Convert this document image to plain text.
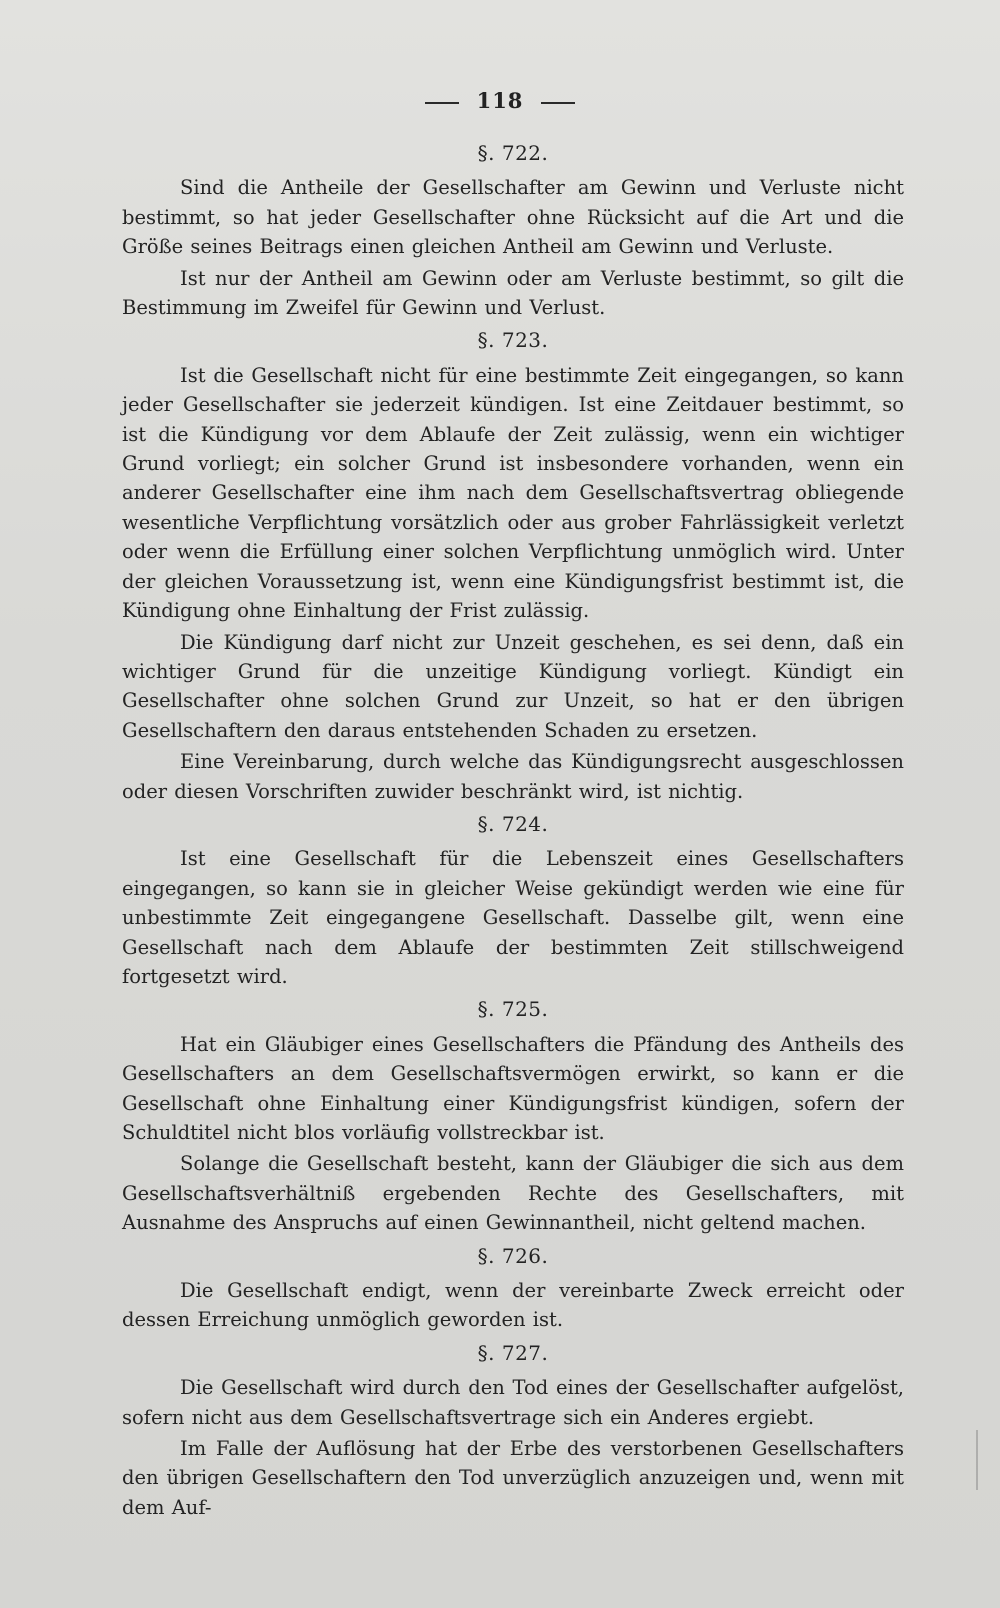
118
§. 722.

Sind die Antheile der Gesellschafter am Gewinn und Verluste nicht bestimmt, so hat jeder Gesellschafter ohne Rücksicht auf die Art und die Größe seines Beitrags einen gleichen Antheil am Gewinn und Verluste.

Ist nur der Antheil am Gewinn oder am Verluste bestimmt, so gilt die Bestimmung im Zweifel für Gewinn und Verlust.

§. 723.

Ist die Gesellschaft nicht für eine bestimmte Zeit eingegangen, so kann jeder Gesellschafter sie jederzeit kündigen. Ist eine Zeitdauer bestimmt, so ist die Kündigung vor dem Ablaufe der Zeit zulässig, wenn ein wichtiger Grund vorliegt; ein solcher Grund ist insbesondere vorhanden, wenn ein anderer Gesellschafter eine ihm nach dem Gesellschaftsvertrag obliegende wesentliche Verpflichtung vorsätzlich oder aus grober Fahrlässigkeit verletzt oder wenn die Erfüllung einer solchen Verpflichtung unmöglich wird. Unter der gleichen Voraussetzung ist, wenn eine Kündigungsfrist bestimmt ist, die Kündigung ohne Einhaltung der Frist zulässig.

Die Kündigung darf nicht zur Unzeit geschehen, es sei denn, daß ein wichtiger Grund für die unzeitige Kündigung vorliegt. Kündigt ein Gesellschafter ohne solchen Grund zur Unzeit, so hat er den übrigen Gesellschaftern den daraus entstehenden Schaden zu ersetzen.

Eine Vereinbarung, durch welche das Kündigungsrecht ausgeschlossen oder diesen Vorschriften zuwider beschränkt wird, ist nichtig.

§. 724.

Ist eine Gesellschaft für die Lebenszeit eines Gesellschafters eingegangen, so kann sie in gleicher Weise gekündigt werden wie eine für unbestimmte Zeit eingegangene Gesellschaft. Dasselbe gilt, wenn eine Gesellschaft nach dem Ablaufe der bestimmten Zeit stillschweigend fortgesetzt wird.

§. 725.

Hat ein Gläubiger eines Gesellschafters die Pfändung des Antheils des Gesellschafters an dem Gesellschaftsvermögen erwirkt, so kann er die Gesellschaft ohne Einhaltung einer Kündigungsfrist kündigen, sofern der Schuldtitel nicht blos vorläufig vollstreckbar ist.

Solange die Gesellschaft besteht, kann der Gläubiger die sich aus dem Gesellschaftsverhältniß ergebenden Rechte des Gesellschafters, mit Ausnahme des Anspruchs auf einen Gewinnantheil, nicht geltend machen.

§. 726.

Die Gesellschaft endigt, wenn der vereinbarte Zweck erreicht oder dessen Erreichung unmöglich geworden ist.

§. 727.

Die Gesellschaft wird durch den Tod eines der Gesellschafter aufgelöst, sofern nicht aus dem Gesellschaftsvertrage sich ein Anderes ergiebt.

Im Falle der Auflösung hat der Erbe des verstorbenen Gesellschafters den übrigen Gesellschaftern den Tod unverzüglich anzuzeigen und, wenn mit dem Auf-
